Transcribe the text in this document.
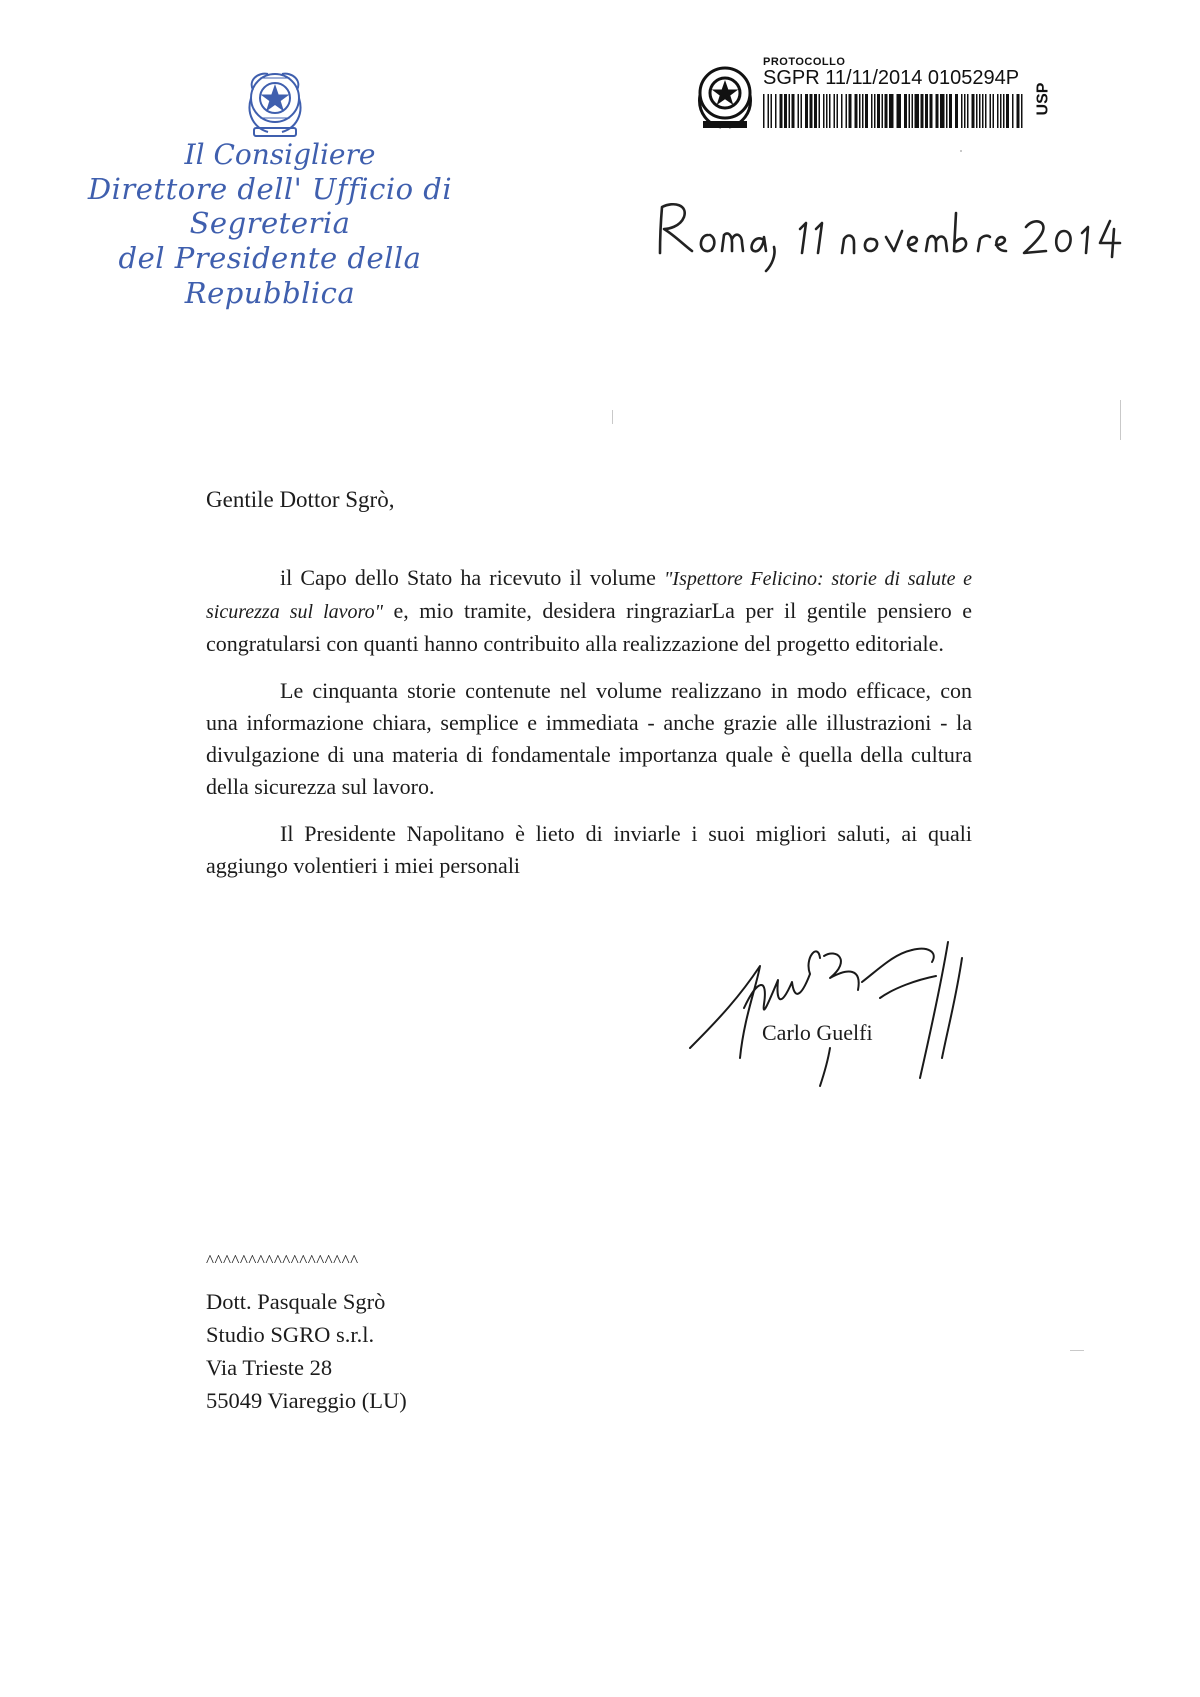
Il Consigliere
Direttore dell' Ufficio di Segreteria
del Presidente della Repubblica
PROTOCOLLO
SGPR 11/11/2014 0105294P
USP
Gentile Dottor Sgrò,

il Capo dello Stato ha ricevuto il volume "Ispettore Felicino: storie di salute e sicurezza sul lavoro" e, mio tramite, desidera ringraziarLa per il gentile pensiero e congratularsi con quanti hanno contribuito alla realizzazione del progetto editoriale.

Le cinquanta storie contenute nel volume realizzano in modo efficace, con una informazione chiara, semplice e immediata - anche grazie alle illustrazioni - la divulgazione di una materia di fondamentale importanza quale è quella della cultura della sicurezza sul lavoro.

Il Presidente Napolitano è lieto di inviarle i suoi migliori saluti, ai quali aggiungo volentieri i miei personali

Carlo Guelfi
^^^^^^^^^^^^^^^^^^
Dott. Pasquale Sgrò
Studio SGRO s.r.l.
Via Trieste 28
55049 Viareggio (LU)
